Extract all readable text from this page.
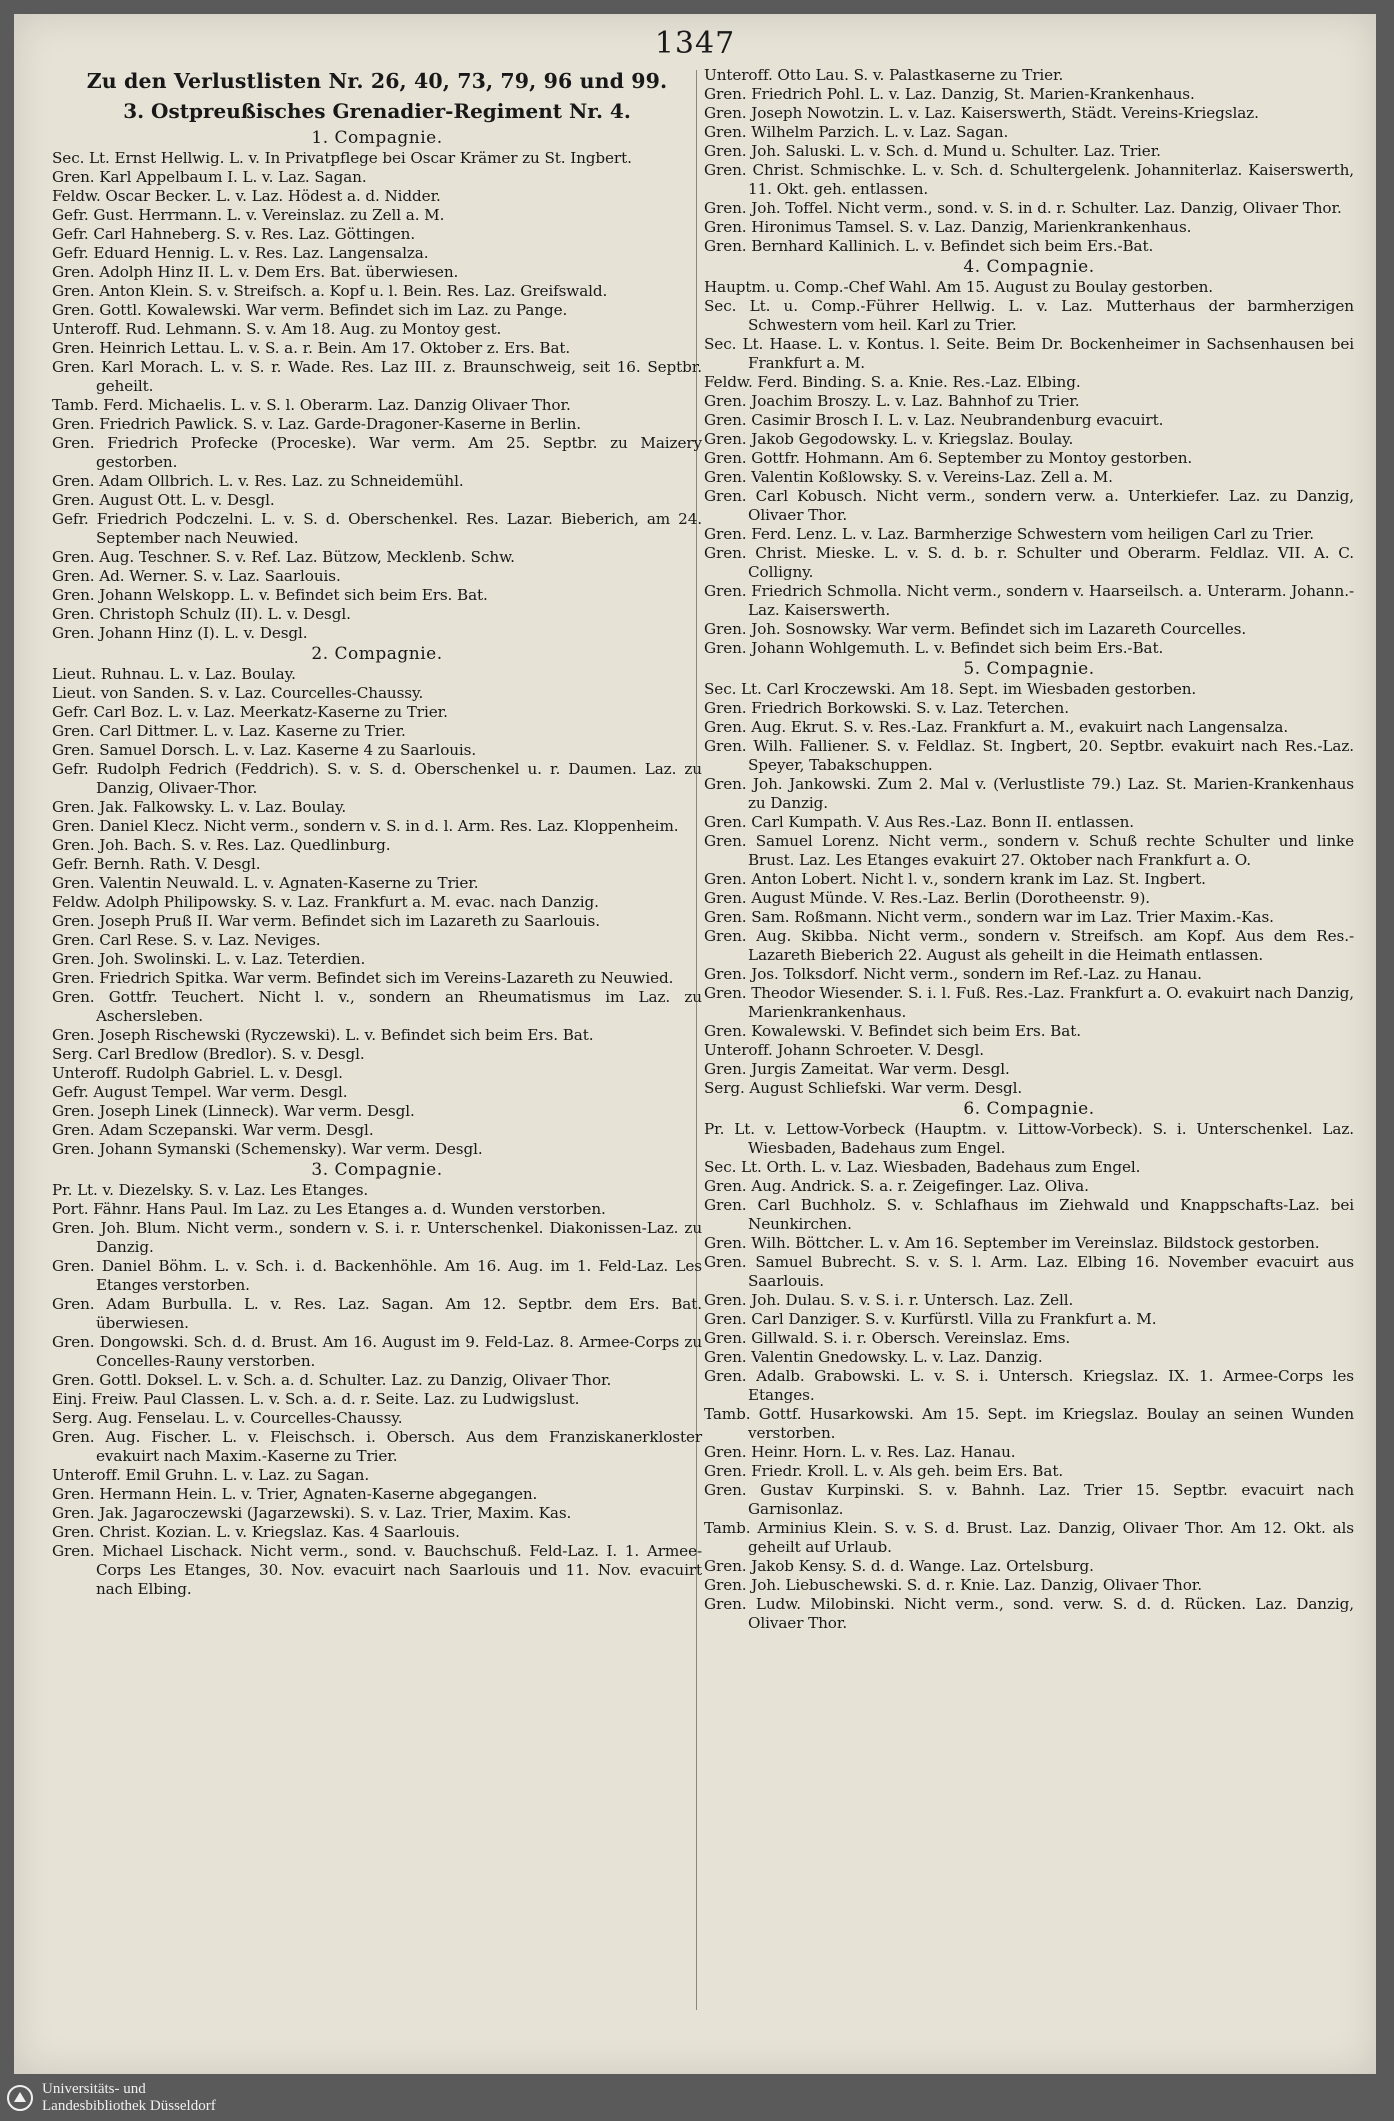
1347
Zu den Verlustlisten Nr. 26, 40, 73, 79, 96 und 99.
3. Ostpreußisches Grenadier-Regiment Nr. 4.
1. Compagnie.
Sec. Lt. Ernst Hellwig. L. v. In Privatpflege bei Oscar Krämer zu St. Ingbert.
Gren. Karl Appelbaum I. L. v. Laz. Sagan.
Feldw. Oscar Becker. L. v. Laz. Hödest a. d. Nidder.
Gefr. Gust. Herrmann. L. v. Vereinslaz. zu Zell a. M.
Gefr. Carl Hahneberg. S. v. Res. Laz. Göttingen.
Gefr. Eduard Hennig. L. v. Res. Laz. Langensalza.
Gren. Adolph Hinz II. L. v. Dem Ers. Bat. überwiesen.
Gren. Anton Klein. S. v. Streifsch. a. Kopf u. l. Bein. Res. Laz. Greifswald.
Gren. Gottl. Kowalewski. War verm. Befindet sich im Laz. zu Pange.
Unteroff. Rud. Lehmann. S. v. Am 18. Aug. zu Montoy gest.
Gren. Heinrich Lettau. L. v. S. a. r. Bein. Am 17. Oktober z. Ers. Bat.
Gren. Karl Morach. L. v. S. r. Wade. Res. Laz III. z. Braunschweig, seit 16. Septbr. geheilt.
Tamb. Ferd. Michaelis. L. v. S. l. Oberarm. Laz. Danzig Olivaer Thor.
Gren. Friedrich Pawlick. S. v. Laz. Garde-Dragoner-Kaserne in Berlin.
Gren. Friedrich Profecke (Proceske). War verm. Am 25. Septbr. zu Maizery gestorben.
Gren. Adam Ollbrich. L. v. Res. Laz. zu Schneidemühl.
Gren. August Ott. L. v. Desgl.
Gefr. Friedrich Podczelni. L. v. S. d. Oberschenkel. Res. Lazar. Bieberich, am 24. September nach Neuwied.
Gren. Aug. Teschner. S. v. Ref. Laz. Bützow, Mecklenb. Schw.
Gren. Ad. Werner. S. v. Laz. Saarlouis.
Gren. Johann Welskopp. L. v. Befindet sich beim Ers. Bat.
Gren. Christoph Schulz (II). L. v. Desgl.
Gren. Johann Hinz (I). L. v. Desgl.
2. Compagnie.
Lieut. Ruhnau. L. v. Laz. Boulay.
Lieut. von Sanden. S. v. Laz. Courcelles-Chaussy.
Gefr. Carl Boz. L. v. Laz. Meerkatz-Kaserne zu Trier.
Gren. Carl Dittmer. L. v. Laz. Kaserne zu Trier.
Gren. Samuel Dorsch. L. v. Laz. Kaserne 4 zu Saarlouis.
Gefr. Rudolph Fedrich (Feddrich). S. v. S. d. Oberschenkel u. r. Daumen. Laz. zu Danzig, Olivaer-Thor.
Gren. Jak. Falkowsky. L. v. Laz. Boulay.
Gren. Daniel Klecz. Nicht verm., sondern v. S. in d. l. Arm. Res. Laz. Kloppenheim.
Gren. Joh. Bach. S. v. Res. Laz. Quedlinburg.
Gefr. Bernh. Rath. V. Desgl.
Gren. Valentin Neuwald. L. v. Agnaten-Kaserne zu Trier.
Feldw. Adolph Philipowsky. S. v. Laz. Frankfurt a. M. evac. nach Danzig.
Gren. Joseph Pruß II. War verm. Befindet sich im Lazareth zu Saarlouis.
Gren. Carl Rese. S. v. Laz. Neviges.
Gren. Joh. Swolinski. L. v. Laz. Teterdien.
Gren. Friedrich Spitka. War verm. Befindet sich im Vereins-Lazareth zu Neuwied.
Gren. Gottfr. Teuchert. Nicht l. v., sondern an Rheumatismus im Laz. zu Aschersleben.
Gren. Joseph Rischewski (Ryczewski). L. v. Befindet sich beim Ers. Bat.
Serg. Carl Bredlow (Bredlor). S. v. Desgl.
Unteroff. Rudolph Gabriel. L. v. Desgl.
Gefr. August Tempel. War verm. Desgl.
Gren. Joseph Linek (Linneck). War verm. Desgl.
Gren. Adam Sczepanski. War verm. Desgl.
Gren. Johann Symanski (Schemensky). War verm. Desgl.
3. Compagnie.
Pr. Lt. v. Diezelsky. S. v. Laz. Les Etanges.
Port. Fähnr. Hans Paul. Im Laz. zu Les Etanges a. d. Wunden verstorben.
Gren. Joh. Blum. Nicht verm., sondern v. S. i. r. Unterschenkel. Diakonissen-Laz. zu Danzig.
Gren. Daniel Böhm. L. v. Sch. i. d. Backenhöhle. Am 16. Aug. im 1. Feld-Laz. Les Etanges verstorben.
Gren. Adam Burbulla. L. v. Res. Laz. Sagan. Am 12. Septbr. dem Ers. Bat. überwiesen.
Gren. Dongowski. Sch. d. d. Brust. Am 16. August im 9. Feld-Laz. 8. Armee-Corps zu Concelles-Rauny verstorben.
Gren. Gottl. Doksel. L. v. Sch. a. d. Schulter. Laz. zu Danzig, Olivaer Thor.
Einj. Freiw. Paul Classen. L. v. Sch. a. d. r. Seite. Laz. zu Ludwigslust.
Serg. Aug. Fenselau. L. v. Courcelles-Chaussy.
Gren. Aug. Fischer. L. v. Fleischsch. i. Obersch. Aus dem Franziskanerkloster evakuirt nach Maxim.-Kaserne zu Trier.
Unteroff. Emil Gruhn. L. v. Laz. zu Sagan.
Gren. Hermann Hein. L. v. Trier, Agnaten-Kaserne abgegangen.
Gren. Jak. Jagaroczewski (Jagarzewski). S. v. Laz. Trier, Maxim. Kas.
Gren. Christ. Kozian. L. v. Kriegslaz. Kas. 4 Saarlouis.
Gren. Michael Lischack. Nicht verm., sond. v. Bauchschuß. Feld-Laz. I. 1. Armee-Corps Les Etanges, 30. Nov. evacuirt nach Saarlouis und 11. Nov. evacuirt nach Elbing.
Unteroff. Otto Lau. S. v. Palastkaserne zu Trier.
Gren. Friedrich Pohl. L. v. Laz. Danzig, St. Marien-Krankenhaus.
Gren. Joseph Nowotzin. L. v. Laz. Kaiserswerth, Städt. Vereins-Kriegslaz.
Gren. Wilhelm Parzich. L. v. Laz. Sagan.
Gren. Joh. Saluski. L. v. Sch. d. Mund u. Schulter. Laz. Trier.
Gren. Christ. Schmischke. L. v. Sch. d. Schultergelenk. Johanniterlaz. Kaiserswerth, 11. Okt. geh. entlassen.
Gren. Joh. Toffel. Nicht verm., sond. v. S. in d. r. Schulter. Laz. Danzig, Olivaer Thor.
Gren. Hironimus Tamsel. S. v. Laz. Danzig, Marienkrankenhaus.
Gren. Bernhard Kallinich. L. v. Befindet sich beim Ers.-Bat.
4. Compagnie.
Hauptm. u. Comp.-Chef Wahl. Am 15. August zu Boulay gestorben.
Sec. Lt. u. Comp.-Führer Hellwig. L. v. Laz. Mutterhaus der barmherzigen Schwestern vom heil. Karl zu Trier.
Sec. Lt. Haase. L. v. Kontus. l. Seite. Beim Dr. Bockenheimer in Sachsenhausen bei Frankfurt a. M.
Feldw. Ferd. Binding. S. a. Knie. Res.-Laz. Elbing.
Gren. Joachim Broszy. L. v. Laz. Bahnhof zu Trier.
Gren. Casimir Brosch I. L. v. Laz. Neubrandenburg evacuirt.
Gren. Jakob Gegodowsky. L. v. Kriegslaz. Boulay.
Gren. Gottfr. Hohmann. Am 6. September zu Montoy gestorben.
Gren. Valentin Koßlowsky. S. v. Vereins-Laz. Zell a. M.
Gren. Carl Kobusch. Nicht verm., sondern verw. a. Unterkiefer. Laz. zu Danzig, Olivaer Thor.
Gren. Ferd. Lenz. L. v. Laz. Barmherzige Schwestern vom heiligen Carl zu Trier.
Gren. Christ. Mieske. L. v. S. d. b. r. Schulter und Oberarm. Feldlaz. VII. A. C. Colligny.
Gren. Friedrich Schmolla. Nicht verm., sondern v. Haarseilsch. a. Unterarm. Johann.-Laz. Kaiserswerth.
Gren. Joh. Sosnowsky. War verm. Befindet sich im Lazareth Courcelles.
Gren. Johann Wohlgemuth. L. v. Befindet sich beim Ers.-Bat.
5. Compagnie.
Sec. Lt. Carl Kroczewski. Am 18. Sept. im Wiesbaden gestorben.
Gren. Friedrich Borkowski. S. v. Laz. Teterchen.
Gren. Aug. Ekrut. S. v. Res.-Laz. Frankfurt a. M., evakuirt nach Langensalza.
Gren. Wilh. Falliener. S. v. Feldlaz. St. Ingbert, 20. Septbr. evakuirt nach Res.-Laz. Speyer, Tabakschuppen.
Gren. Joh. Jankowski. Zum 2. Mal v. (Verlustliste 79.) Laz. St. Marien-Krankenhaus zu Danzig.
Gren. Carl Kumpath. V. Aus Res.-Laz. Bonn II. entlassen.
Gren. Samuel Lorenz. Nicht verm., sondern v. Schuß rechte Schulter und linke Brust. Laz. Les Etanges evakuirt 27. Oktober nach Frankfurt a. O.
Gren. Anton Lobert. Nicht l. v., sondern krank im Laz. St. Ingbert.
Gren. August Münde. V. Res.-Laz. Berlin (Dorotheenstr. 9).
Gren. Sam. Roßmann. Nicht verm., sondern war im Laz. Trier Maxim.-Kas.
Gren. Aug. Skibba. Nicht verm., sondern v. Streifsch. am Kopf. Aus dem Res.-Lazareth Bieberich 22. August als geheilt in die Heimath entlassen.
Gren. Jos. Tolksdorf. Nicht verm., sondern im Ref.-Laz. zu Hanau.
Gren. Theodor Wiesender. S. i. l. Fuß. Res.-Laz. Frankfurt a. O. evakuirt nach Danzig, Marienkrankenhaus.
Gren. Kowalewski. V. Befindet sich beim Ers. Bat.
Unteroff. Johann Schroeter. V. Desgl.
Gren. Jurgis Zameitat. War verm. Desgl.
Serg. August Schliefski. War verm. Desgl.
6. Compagnie.
Pr. Lt. v. Lettow-Vorbeck (Hauptm. v. Littow-Vorbeck). S. i. Unterschenkel. Laz. Wiesbaden, Badehaus zum Engel.
Sec. Lt. Orth. L. v. Laz. Wiesbaden, Badehaus zum Engel.
Gren. Aug. Andrick. S. a. r. Zeigefinger. Laz. Oliva.
Gren. Carl Buchholz. S. v. Schlafhaus im Ziehwald und Knappschafts-Laz. bei Neunkirchen.
Gren. Wilh. Böttcher. L. v. Am 16. September im Vereinslaz. Bildstock gestorben.
Gren. Samuel Bubrecht. S. v. S. l. Arm. Laz. Elbing 16. November evacuirt aus Saarlouis.
Gren. Joh. Dulau. S. v. S. i. r. Untersch. Laz. Zell.
Gren. Carl Danziger. S. v. Kurfürstl. Villa zu Frankfurt a. M.
Gren. Gillwald. S. i. r. Obersch. Vereinslaz. Ems.
Gren. Valentin Gnedowsky. L. v. Laz. Danzig.
Gren. Adalb. Grabowski. L. v. S. i. Untersch. Kriegslaz. IX. 1. Armee-Corps les Etanges.
Tamb. Gottf. Husarkowski. Am 15. Sept. im Kriegslaz. Boulay an seinen Wunden verstorben.
Gren. Heinr. Horn. L. v. Res. Laz. Hanau.
Gren. Friedr. Kroll. L. v. Als geh. beim Ers. Bat.
Gren. Gustav Kurpinski. S. v. Bahnh. Laz. Trier 15. Septbr. evacuirt nach Garnisonlaz.
Tamb. Arminius Klein. S. v. S. d. Brust. Laz. Danzig, Olivaer Thor. Am 12. Okt. als geheilt auf Urlaub.
Gren. Jakob Kensy. S. d. d. Wange. Laz. Ortelsburg.
Gren. Joh. Liebuschewski. S. d. r. Knie. Laz. Danzig, Olivaer Thor.
Gren. Ludw. Milobinski. Nicht verm., sond. verw. S. d. d. Rücken. Laz. Danzig, Olivaer Thor.
Universitäts- und
Landesbibliothek Düsseldorf
